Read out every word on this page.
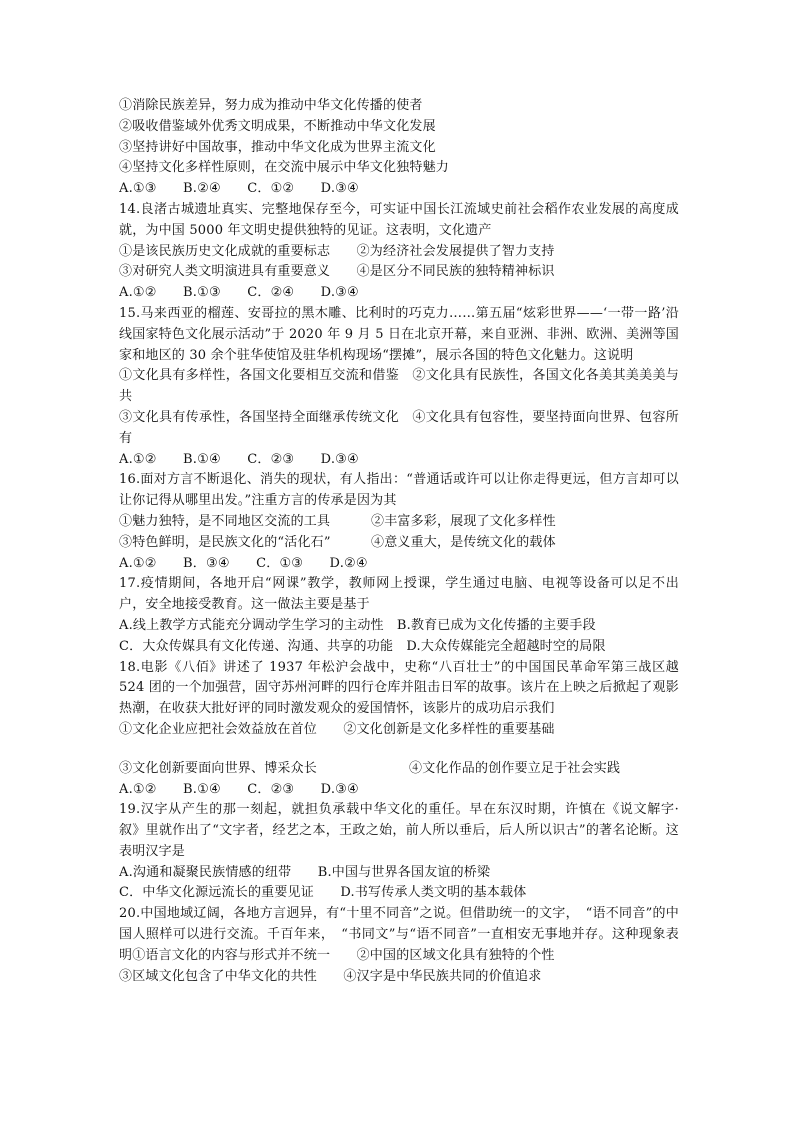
①消除民族差异，努力成为推动中华文化传播的使者
②吸收借鉴域外优秀文明成果，不断推动中华文化发展
③坚持讲好中国故事，推动中华文化成为世界主流文化
④坚持文化多样性原则，在交流中展示中华文化独特魅力
A.①③　　B.②④　　C．①②　　D.③④
14.良渚古城遗址真实、完整地保存至今，可实证中国长江流域史前社会稻作农业发展的高度成就，为中国 5000 年文明史提供独特的见证。这表明，文化遗产
①是该民族历史文化成就的重要标志　　②为经济社会发展提供了智力支持
③对研究人类文明演进具有重要意义　　④是区分不同民族的独特精神标识
A.①②　　B.①③　　C．②④　　D.③④
15.马来西亚的榴莲、安哥拉的黑木雕、比利时的巧克力……第五届“炫彩世界——‘一带一路’沿线国家特色文化展示活动”于 2020 年 9 月 5 日在北京开幕，来自亚洲、非洲、欧洲、美洲等国家和地区的 30 余个驻华使馆及驻华机构现场“摆摊”，展示各国的特色文化魅力。这说明
①文化具有多样性，各国文化要相互交流和借鉴　②文化具有民族性，各国文化各美其美美美与共
③文化具有传承性，各国坚持全面继承传统文化　④文化具有包容性，要坚持面向世界、包容所有
A.①②　　B.①④　　C．②③　　D.③④
16.面对方言不断退化、消失的现状，有人指出：“普通话或许可以让你走得更远，但方言却可以让你记得从哪里出发。”注重方言的传承是因为其
①魅力独特，是不同地区交流的工具	②丰富多彩，展现了文化多样性
③特色鲜明，是民族文化的“活化石”	④意义重大，是传统文化的载体
A.①②　　B．③④　　C．①③　　D.②④
17.疫情期间，各地开启“网课”教学，教师网上授课，学生通过电脑、电视等设备可以足不出户，安全地接受教育。这一做法主要是基于
A.线上教学方式能充分调动学生学习的主动性　B.教育已成为文化传播的主要手段
C．大众传媒具有文化传递、沟通、共享的功能　D.大众传媒能完全超越时空的局限
18.电影《八佰》讲述了 1937 年松沪会战中，史称“八百壮士”的中国国民革命军第三战区越 524 团的一个加强营，固守苏州河畔的四行仓库并阻击日军的故事。该片在上映之后掀起了观影热潮，在收获大批好评的同时激发观众的爱国情怀，该影片的成功启示我们
①文化企业应把社会效益放在首位　　②文化创新是文化多样性的重要基础
③文化创新要面向世界、博采众长	④文化作品的创作要立足于社会实践
A.①②　　B.①④　　C．②③　　D.③④
19.汉字从产生的那一刻起，就担负承载中华文化的重任。早在东汉时期，许慎在《说文解字·叙》里就作出了“文字者，经艺之本，王政之始，前人所以垂后，后人所以识古”的著名论断。这表明汉字是
A.沟通和凝聚民族情感的纽带　　B.中国与世界各国友谊的桥梁
C．中华文化源远流长的重要见证　　D.书写传承人类文明的基本载体
20.中国地域辽阔，各地方言迥异，有“十里不同音”之说。但借助统一的文字，　“语不同音”的中国人照样可以进行交流。千百年来，　“书同文”与“语不同音”一直相安无事地并存。这种现象表明①语言文化的内容与形式并不统一　　②中国的区域文化具有独特的个性
③区域文化包含了中华文化的共性　　④汉字是中华民族共同的价值追求
